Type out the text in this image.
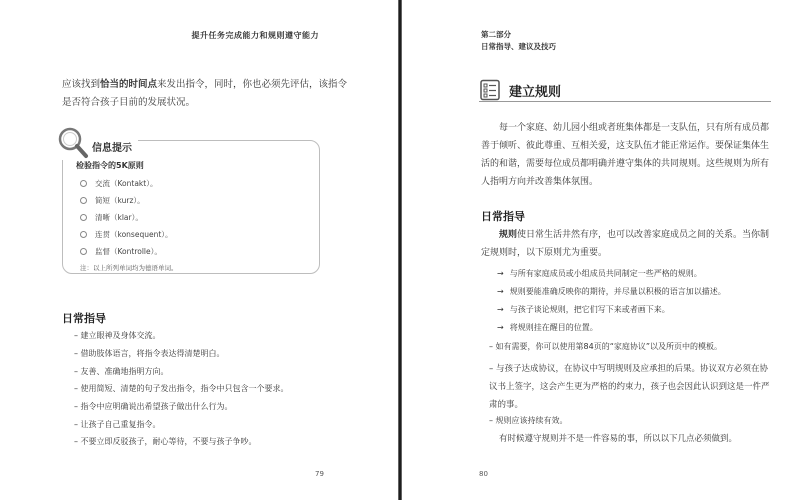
提升任务完成能力和规则遵守能力
应该找到恰当的时间点来发出指令，同时，你也必须先评估，该指令是否符合孩子目前的发展状况。
信息提示
检验指令的5K原则
交流（Kontakt）。
简短（kurz）。
清晰（klar）。
连贯（konsequent）。
监督（Kontrolle）。
注：以上所列单词均为德语单词。
日常指导
– 建立眼神及身体交流。
– 借助肢体语言，将指令表达得清楚明白。
– 友善、准确地指明方向。
– 使用简短、清楚的句子发出指令，指令中只包含一个要求。
– 指令中应明确说出希望孩子做出什么行为。
– 让孩子自己重复指令。
– 不要立即反驳孩子，耐心等待，不要与孩子争吵。
79
第二部分
日常指导、建议及技巧
建立规则

每一个家庭、幼儿园小组或者班集体都是一支队伍，只有所有成员都善于倾听、彼此尊重、互相关爱，这支队伍才能正常运作。要保证集体生活的和谐，需要每位成员都明确并遵守集体的共同规则。这些规则为所有人指明方向并改善集体氛围。

日常指导

规则使日常生活井然有序，也可以改善家庭成员之间的关系。当你制定规则时，以下原则尤为重要。

→ 与所有家庭成员或小组成员共同制定一些严格的规则。
→ 规则要能准确反映你的期待，并尽量以积极的语言加以描述。
→ 与孩子谈论规则，把它们写下来或者画下来。
→ 将规则挂在醒目的位置。

– 如有需要，你可以使用第84页的“家庭协议”以及所页中的模板。

– 与孩子达成协议，在协议中写明规则及应承担的后果。协议双方必须在协议书上签字，这会产生更为严格的约束力，孩子也会因此认识到这是一件严肃的事。

– 规则应该持续有效。

有时候遵守规则并不是一件容易的事，所以以下几点必须做到。

80
